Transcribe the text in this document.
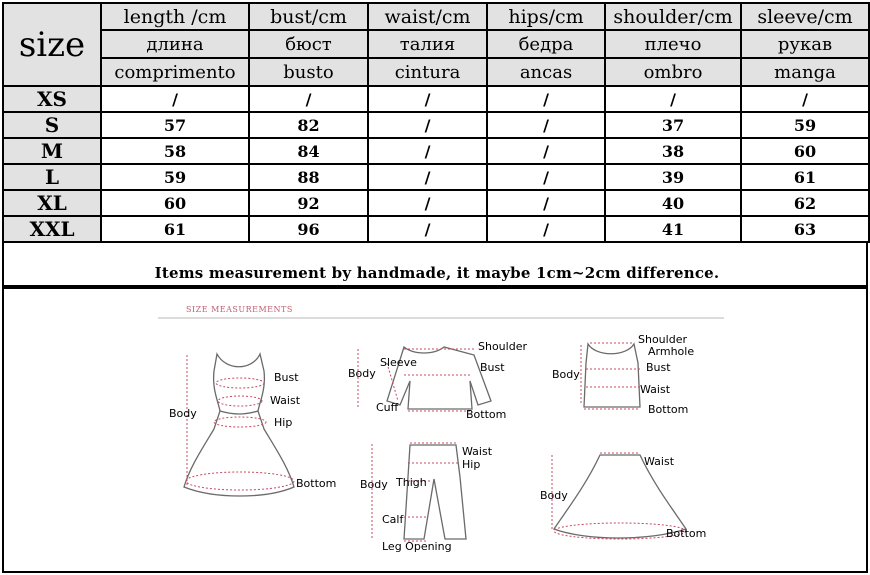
size	length /cm	bust/cm	waist/cm	hips/cm	shoulder/cm	sleeve/cm
	длина	бюст	талия	бедра	плечо	рукав
	comprimento	busto	cintura	ancas	ombro	manga
XS	/	/	/	/	/	/
S	57	82	/	/	37	59
M	58	84	/	/	38	60
L	59	88	/	/	39	61
XL	60	92	/	/	40	62
XXL	61	96	/	/	41	63
Items measurement by handmade, it maybe 1cm~2cm difference.
SIZE MEASUREMENTS
Body
Bust
Waist
Hip
Bottom
Sleeve
Shoulder
Body	Bust
Cuff
Bottom
Shoulder
Armhole
Body
Bust
Waist
Bottom
Waist
Hip
Body Thigh
Calf
Leg Opening
Waist
Body
Bottom
